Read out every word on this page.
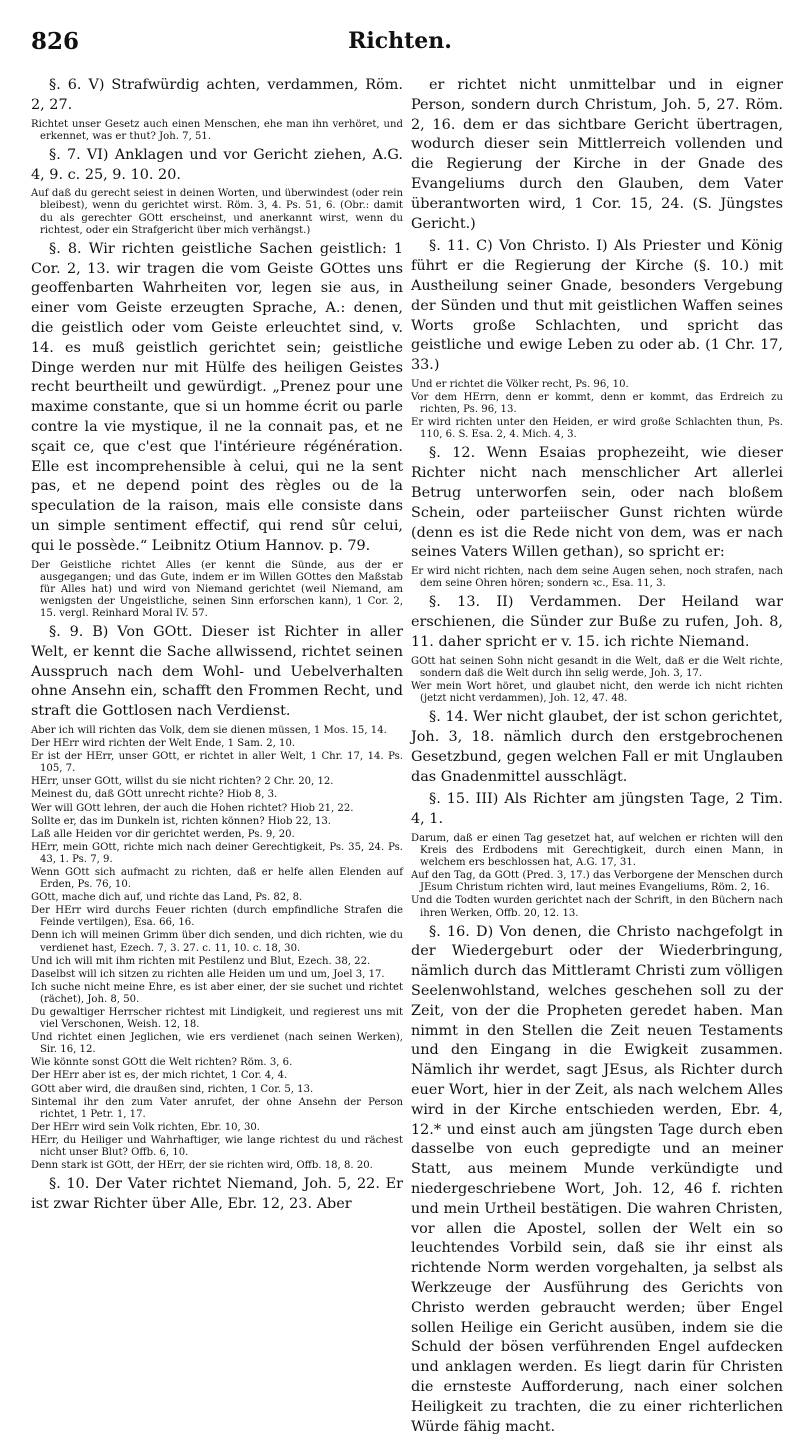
826	Richten.

§. 6. V) Strafwürdig achten, verdammen, Röm. 2, 27.

Richtet unser Gesetz auch einen Menschen, ehe man ihn verhöret, und erkennet, was er thut? Joh. 7, 51.

§. 7. VI) Anklagen und vor Gericht ziehen, A.G. 4, 9. c. 25, 9. 10. 20.

Auf daß du gerecht seiest in deinen Worten, und überwindest (oder rein bleibest), wenn du gerichtet wirst. Röm. 3, 4. Ps. 51, 6. (Obr.: damit du als gerechter GOtt erscheinst, und anerkannt wirst, wenn du richtest, oder ein Strafgericht über mich verhängst.)

§. 8. Wir richten geistliche Sachen geistlich: 1 Cor. 2, 13. wir tragen die vom Geiste GOttes uns geoffenbarten Wahrheiten vor, legen sie aus, in einer vom Geiste erzeugten Sprache, A.: denen, die geistlich oder vom Geiste erleuchtet sind, v. 14. es muß geistlich gerichtet sein; geistliche Dinge werden nur mit Hülfe des heiligen Geistes recht beurtheilt und gewürdigt. „Prenez pour une maxime constante, que si un homme écrit ou parle contre la vie mystique, il ne la connait pas, et ne sçait ce, que c'est que l'intérieure régénération. Elle est incomprehensible à celui, qui ne la sent pas, et ne depend point des règles ou de la speculation de la raison, mais elle consiste dans un simple sentiment effectif, qui rend sûr celui, qui le possède.“ Leibnitz Otium Hannov. p. 79.

Der Geistliche richtet Alles (er kennt die Sünde, aus der er ausgegangen; und das Gute, indem er im Willen GOttes den Maßstab für Alles hat) und wird von Niemand gerichtet (weil Niemand, am wenigsten der Ungeistliche, seinen Sinn erforschen kann), 1 Cor. 2, 15. vergl. Reinhard Moral IV. 57.

§. 9. B) Von GOtt. Dieser ist Richter in aller Welt, er kennt die Sache allwissend, richtet seinen Ausspruch nach dem Wohl- und Uebelverhalten ohne Ansehn ein, schafft den Frommen Recht, und straft die Gottlosen nach Verdienst.

Aber ich will richten das Volk, dem sie dienen müssen, 1 Mos. 15, 14.

Der HErr wird richten der Welt Ende, 1 Sam. 2, 10.

Er ist der HErr, unser GOtt, er richtet in aller Welt, 1 Chr. 17, 14. Ps. 105, 7.

HErr, unser GOtt, willst du sie nicht richten? 2 Chr. 20, 12.

Meinest du, daß GOtt unrecht richte? Hiob 8, 3.

Wer will GOtt lehren, der auch die Hohen richtet? Hiob 21, 22.

Sollte er, das im Dunkeln ist, richten können? Hiob 22, 13.

Laß alle Heiden vor dir gerichtet werden, Ps. 9, 20.

HErr, mein GOtt, richte mich nach deiner Gerechtigkeit, Ps. 35, 24. Ps. 43, 1. Ps. 7, 9.

Wenn GOtt sich aufmacht zu richten, daß er helfe allen Elenden auf Erden, Ps. 76, 10.

GOtt, mache dich auf, und richte das Land, Ps. 82, 8.

Der HErr wird durchs Feuer richten (durch empfindliche Strafen die Feinde vertilgen), Esa. 66, 16.

Denn ich will meinen Grimm über dich senden, und dich richten, wie du verdienet hast, Ezech. 7, 3. 27. c. 11, 10. c. 18, 30.

Und ich will mit ihm richten mit Pestilenz und Blut, Ezech. 38, 22.

Daselbst will ich sitzen zu richten alle Heiden um und um, Joel 3, 17.

Ich suche nicht meine Ehre, es ist aber einer, der sie suchet und richtet (rächet), Joh. 8, 50.

Du gewaltiger Herrscher richtest mit Lindigkeit, und regierest uns mit viel Verschonen, Weish. 12, 18.

Und richtet einen Jeglichen, wie ers verdienet (nach seinen Werken), Sir. 16, 12.

Wie könnte sonst GOtt die Welt richten? Röm. 3, 6.

Der HErr aber ist es, der mich richtet, 1 Cor. 4, 4.

GOtt aber wird, die draußen sind, richten, 1 Cor. 5, 13.

Sintemal ihr den zum Vater anrufet, der ohne Ansehn der Person richtet, 1 Petr. 1, 17.

Der HErr wird sein Volk richten, Ebr. 10, 30.

HErr, du Heiliger und Wahrhaftiger, wie lange richtest du und rächest nicht unser Blut? Offb. 6, 10.

Denn stark ist GOtt, der HErr, der sie richten wird, Offb. 18, 8. 20.

§. 10. Der Vater richtet Niemand, Joh. 5, 22. Er ist zwar Richter über Alle, Ebr. 12, 23. Aber

er richtet nicht unmittelbar und in eigner Person, sondern durch Christum, Joh. 5, 27. Röm. 2, 16. dem er das sichtbare Gericht übertragen, wodurch dieser sein Mittlerreich vollenden und die Regierung der Kirche in der Gnade des Evangeliums durch den Glauben, dem Vater überantworten wird, 1 Cor. 15, 24. (S. Jüngstes Gericht.)

§. 11. C) Von Christo. I) Als Priester und König führt er die Regierung der Kirche (§. 10.) mit Austheilung seiner Gnade, besonders Vergebung der Sünden und thut mit geistlichen Waffen seines Worts große Schlachten, und spricht das geistliche und ewige Leben zu oder ab. (1 Chr. 17, 33.)

Und er richtet die Völker recht, Ps. 96, 10.

Vor dem HErrn, denn er kommt, denn er kommt, das Erdreich zu richten, Ps. 96, 13.

Er wird richten unter den Heiden, er wird große Schlachten thun, Ps. 110, 6. S. Esa. 2, 4. Mich. 4, 3.

§. 12. Wenn Esaias prophezeiht, wie dieser Richter nicht nach menschlicher Art allerlei Betrug unterworfen sein, oder nach bloßem Schein, oder parteiischer Gunst richten würde (denn es ist die Rede nicht von dem, was er nach seines Vaters Willen gethan), so spricht er:

Er wird nicht richten, nach dem seine Augen sehen, noch strafen, nach dem seine Ohren hören; sondern ꝛc., Esa. 11, 3.

§. 13. II) Verdammen. Der Heiland war erschienen, die Sünder zur Buße zu rufen, Joh. 8, 11. daher spricht er v. 15. ich richte Niemand.

GOtt hat seinen Sohn nicht gesandt in die Welt, daß er die Welt richte, sondern daß die Welt durch ihn selig werde, Joh. 3, 17.

Wer mein Wort höret, und glaubet nicht, den werde ich nicht richten (jetzt nicht verdammen), Joh. 12, 47. 48.

§. 14. Wer nicht glaubet, der ist schon gerichtet, Joh. 3, 18. nämlich durch den erstgebrochenen Gesetzbund, gegen welchen Fall er mit Unglauben das Gnadenmittel ausschlägt.

§. 15. III) Als Richter am jüngsten Tage, 2 Tim. 4, 1.

Darum, daß er einen Tag gesetzet hat, auf welchen er richten will den Kreis des Erdbodens mit Gerechtigkeit, durch einen Mann, in welchem ers beschlossen hat, A.G. 17, 31.

Auf den Tag, da GOtt (Pred. 3, 17.) das Verborgene der Menschen durch JEsum Christum richten wird, laut meines Evangeliums, Röm. 2, 16.

Und die Todten wurden gerichtet nach der Schrift, in den Büchern nach ihren Werken, Offb. 20, 12. 13.

§. 16. D) Von denen, die Christo nachgefolgt in der Wiedergeburt oder der Wiederbringung, nämlich durch das Mittleramt Christi zum völligen Seelenwohlstand, welches geschehen soll zu der Zeit, von der die Propheten geredet haben. Man nimmt in den Stellen die Zeit neuen Testaments und den Eingang in die Ewigkeit zusammen. Nämlich ihr werdet, sagt JEsus, als Richter durch euer Wort, hier in der Zeit, als nach welchem Alles wird in der Kirche entschieden werden, Ebr. 4, 12.* und einst auch am jüngsten Tage durch eben dasselbe von euch gepredigte und an meiner Statt, aus meinem Munde verkündigte und niedergeschriebene Wort, Joh. 12, 46 f. richten und mein Urtheil bestätigen. Die wahren Christen, vor allen die Apostel, sollen der Welt ein so leuchtendes Vorbild sein, daß sie ihr einst als richtende Norm werden vorgehalten, ja selbst als Werkzeuge der Ausführung des Gerichts von Christo werden gebraucht werden; über Engel sollen Heilige ein Gericht ausüben, indem sie die Schuld der bösen verführenden Engel aufdecken und anklagen werden. Es liegt darin für Christen die ernsteste Aufforderung, nach einer solchen Heiligkeit zu trachten, die zu einer richterlichen Würde fähig macht.
